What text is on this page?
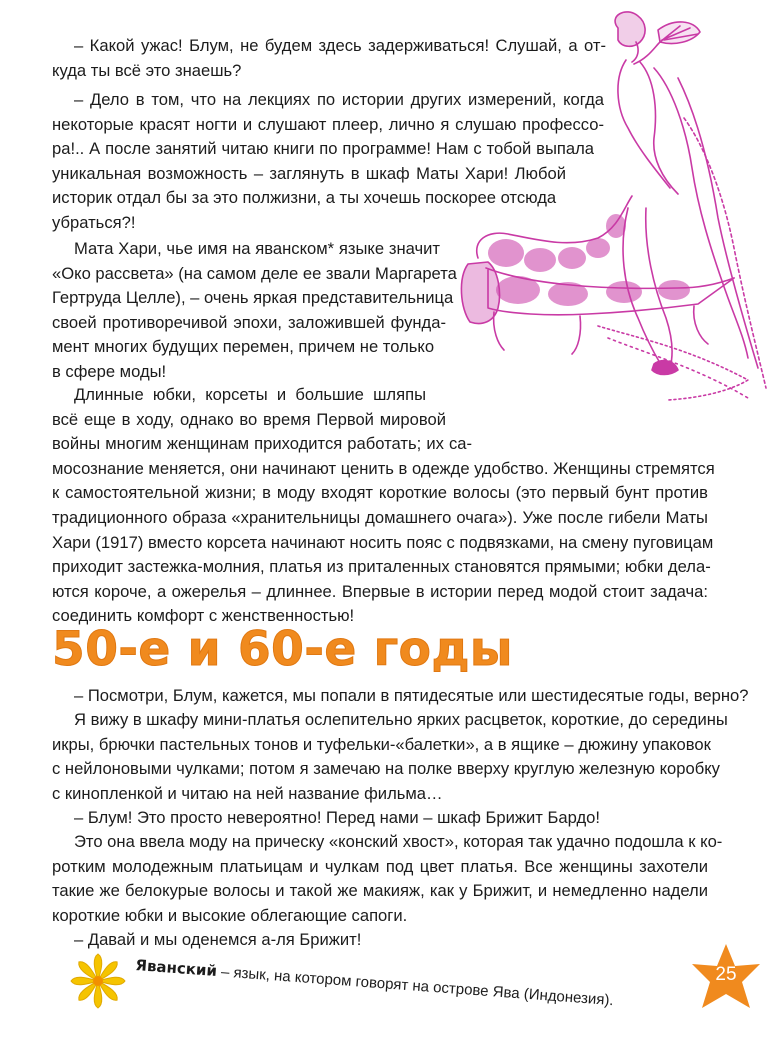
– Какой ужас! Блум, не будем здесь задерживаться! Слушай, а от-
куда ты всё это знаешь?

– Дело в том, что на лекциях по истории других измерений, когда
некоторые красят ногти и слушают плеер, лично я слушаю профессо-
ра!.. А после занятий читаю книги по программе! Нам с тобой выпала
уникальная возможность – заглянуть в шкаф Маты Хари! Любой
историк отдал бы за это полжизни, а ты хочешь поскорее отсюда
убраться?!

Мата Хари, чье имя на яванском* языке значит
«Око рассвета» (на самом деле ее звали Маргарета
Гертруда Целле), – очень яркая представительница
своей противоречивой эпохи, заложившей фунда-
мент многих будущих перемен, причем не только
в сфере моды!

Длинные юбки, корсеты и большие шляпы
всё еще в ходу, однако во время Первой мировой
войны многим женщинам приходится работать; их са-
мосознание меняется, они начинают ценить в одежде удобство. Женщины стремятся
к самостоятельной жизни; в моду входят короткие волосы (это первый бунт против
традиционного образа «хранительницы домашнего очага»). Уже после гибели Маты
Хари (1917) вместо корсета начинают носить пояс с подвязками, на смену пуговицам
приходит застежка-молния, платья из приталенных становятся прямыми; юбки дела-
ются короче, а ожерелья – длиннее. Впервые в истории перед модой стоит задача:
соединить комфорт с женственностью!

50-е и 60-е годы

– Посмотри, Блум, кажется, мы попали в пятидесятые или шестидесятые годы, верно?

Я вижу в шкафу мини-платья ослепительно ярких расцветок, короткие, до середины
икры, брючки пастельных тонов и туфельки-«балетки», а в ящике – дюжину упаковок
с нейлоновыми чулками; потом я замечаю на полке вверху круглую железную коробку
с кинопленкой и читаю на ней название фильма…

– Блум! Это просто невероятно! Перед нами – шкаф Брижит Бардо!

Это она ввела моду на прическу «конский хвост», которая так удачно подошла к ко-
ротким молодежным платьицам и чулкам под цвет платья. Все женщины захотели
такие же белокурые волосы и такой же макияж, как у Брижит, и немедленно надели
короткие юбки и высокие облегающие сапоги.

– Давай и мы оденемся а-ля Брижит!

Яванский – язык, на котором говорят на острове Ява (Индонезия).	25
